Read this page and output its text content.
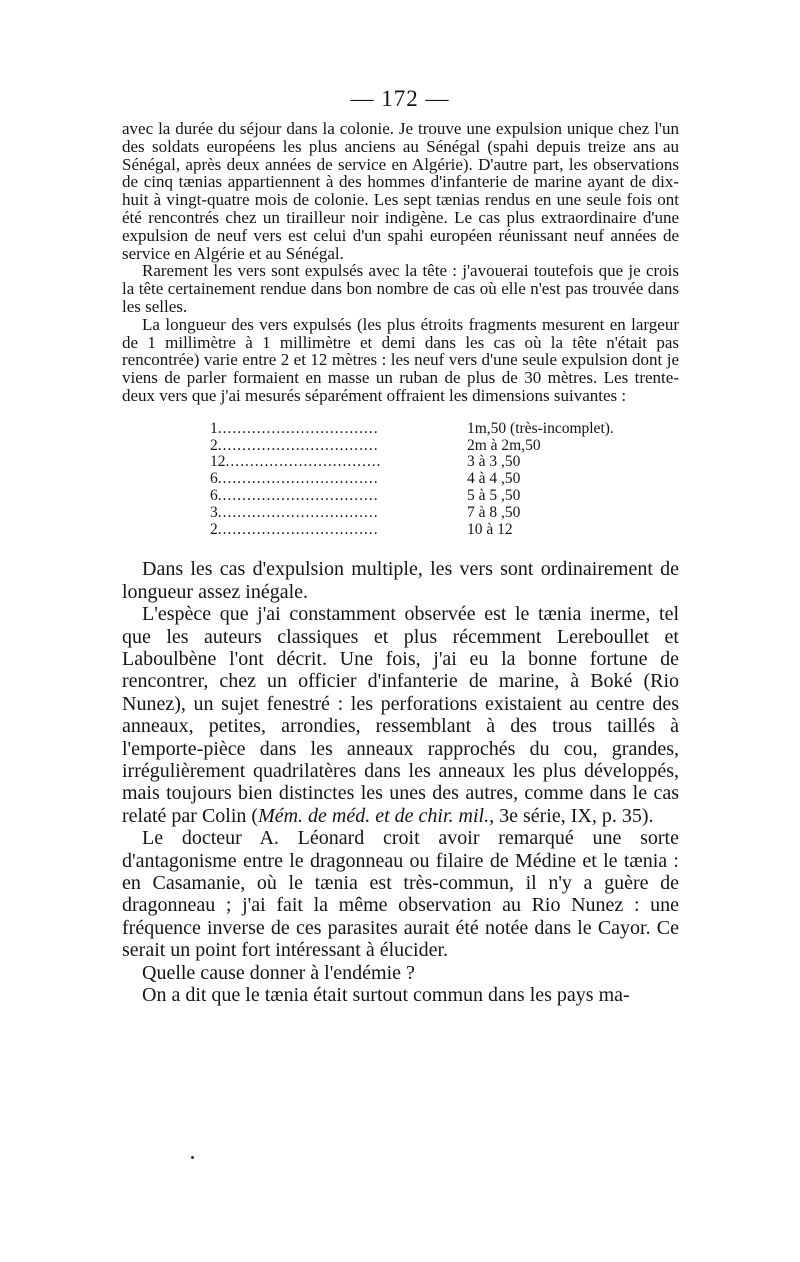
— 172 —

avec la durée du séjour dans la colonie. Je trouve une expulsion unique chez l'un des soldats européens les plus anciens au Sénégal (spahi depuis treize ans au Sénégal, après deux années de service en Algérie). D'autre part, les observations de cinq tænias appartiennent à des hommes d'infanterie de marine ayant de dix-huit à vingt-quatre mois de colonie. Les sept tænias rendus en une seule fois ont été rencontrés chez un tirailleur noir indigène. Le cas plus extraordinaire d'une expulsion de neuf vers est celui d'un spahi européen réunissant neuf années de service en Algérie et au Sénégal.

Rarement les vers sont expulsés avec la tête : j'avouerai toutefois que je crois la tête certainement rendue dans bon nombre de cas où elle n'est pas trouvée dans les selles.

La longueur des vers expulsés (les plus étroits fragments mesurent en largeur de 1 millimètre à 1 millimètre et demi dans les cas où la tête n'était pas rencontrée) varie entre 2 et 12 mètres : les neuf vers d'une seule expulsion dont je viens de parler formaient en masse un ruban de plus de 30 mètres. Les trente-deux vers que j'ai mesurés séparément offraient les dimensions suivantes :

1.................................	1m,50 (très-incomplet).
2.................................	2m à 2m,50
12................................	3 à 3 ,50
6.................................	4 à 4 ,50
6.................................	5 à 5 ,50
3.................................	7 à 8 ,50
2.................................	10 à 12

Dans les cas d'expulsion multiple, les vers sont ordinairement de longueur assez inégale.

L'espèce que j'ai constamment observée est le tænia inerme, tel que les auteurs classiques et plus récemment Lereboullet et Laboulbène l'ont décrit. Une fois, j'ai eu la bonne fortune de rencontrer, chez un officier d'infanterie de marine, à Boké (Rio Nunez), un sujet fenestré : les perforations existaient au centre des anneaux, petites, arrondies, ressemblant à des trous taillés à l'emporte-pièce dans les anneaux rapprochés du cou, grandes, irrégulièrement quadrilatères dans les anneaux les plus développés, mais toujours bien distinctes les unes des autres, comme dans le cas relaté par Colin (Mém. de méd. et de chir. mil., 3e série, IX, p. 35).

Le docteur A. Léonard croit avoir remarqué une sorte d'antagonisme entre le dragonneau ou filaire de Médine et le tænia : en Casamanie, où le tænia est très-commun, il n'y a guère de dragonneau ; j'ai fait la même observation au Rio Nunez : une fréquence inverse de ces parasites aurait été notée dans le Cayor. Ce serait un point fort intéressant à élucider.

Quelle cause donner à l'endémie ?

On a dit que le tænia était surtout commun dans les pays ma-
